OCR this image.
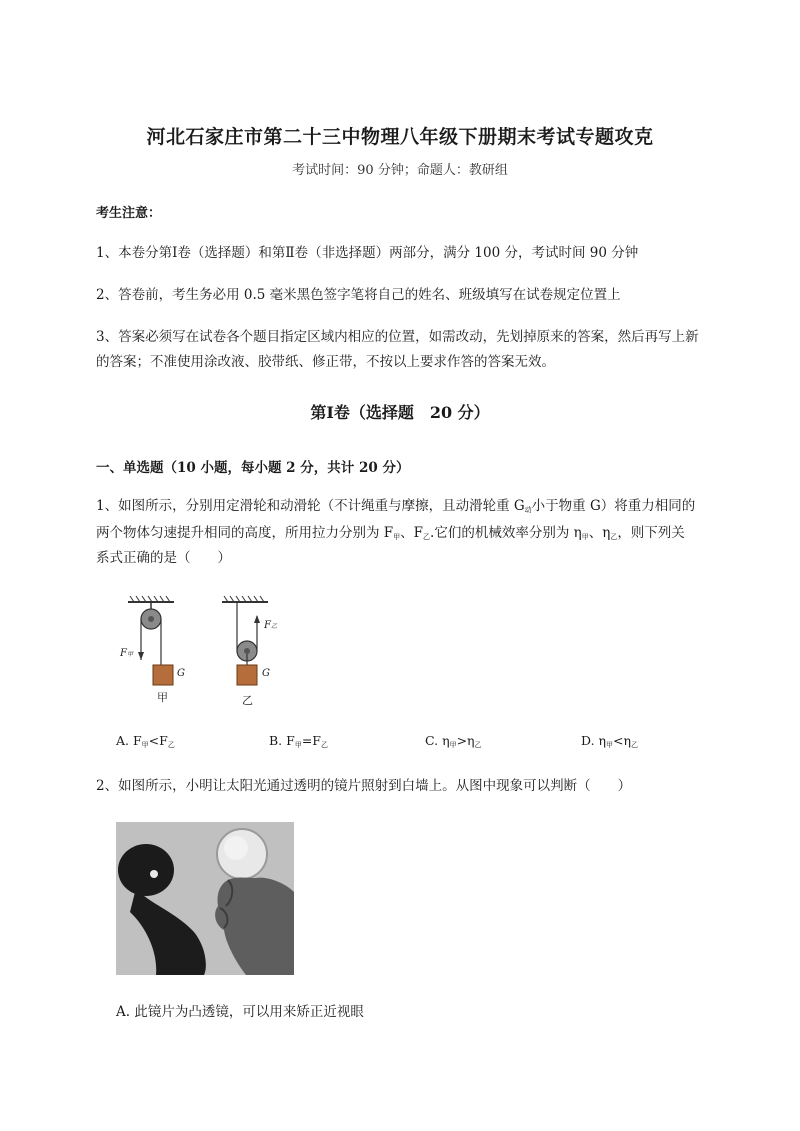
河北石家庄市第二十三中物理八年级下册期末考试专题攻克
考试时间：90 分钟；命题人：教研组
考生注意：
1、本卷分第Ⅰ卷（选择题）和第Ⅱ卷（非选择题）两部分，满分 100 分，考试时间 90 分钟
2、答卷前，考生务必用 0.5 毫米黑色签字笔将自己的姓名、班级填写在试卷规定位置上
3、答案必须写在试卷各个题目指定区域内相应的位置，如需改动，先划掉原来的答案，然后再写上新的答案；不准使用涂改液、胶带纸、修正带，不按以上要求作答的答案无效。
第Ⅰ卷（选择题　20 分）
一、单选题（10 小题，每小题 2 分，共计 20 分）
1、如图所示，分别用定滑轮和动滑轮（不计绳重与摩擦，且动滑轮重 $G_动$小于物重 G）将重力相同的
两个物体匀速提升相同的高度，所用拉力分别为 $F_甲$、$F_乙$.它们的机械效率分别为 $\eta_甲$、$\eta_乙$，则下列关
系式正确的是（　　）
F甲
G
甲
F乙
G
乙
A. $F_甲<F_乙$	B. $F_甲=F_乙$	C. $\eta_甲>\eta_乙$	D. $\eta_甲<\eta_乙$
2、如图所示，小明让太阳光通过透明的镜片照射到白墙上。从图中现象可以判断（　　）
A. 此镜片为凸透镜，可以用来矫正近视眼
